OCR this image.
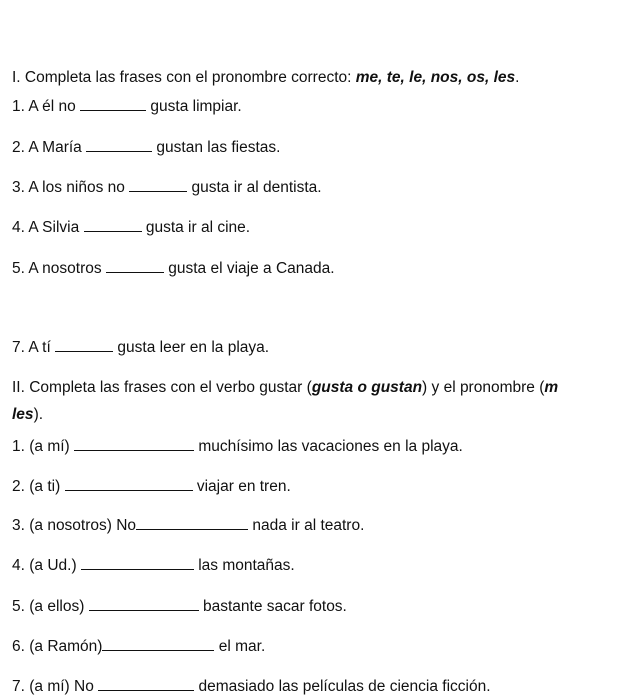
I. Completa las frases con el pronombre correcto: me, te, le, nos, os, les.
1. A él no	gusta limpiar.
2. A María	gustan las fiestas.
3. A los niños no	gusta ir al dentista.
4. A Silvia	gusta ir al cine.
5. A nosotros	gusta el viaje a Canada.
7. A tí	gusta leer en la playa.
II. Completa las frases con el verbo gustar (gusta o gustan) y el pronombre (m
les).
1. (a mí)	muchísimo las vacaciones en la playa.
2. (a ti)	viajar en tren.
3. (a nosotros) No	nada ir al teatro.
4. (a Ud.)	las montañas.
5. (a ellos)	bastante sacar fotos.
6. (a Ramón)	el mar.
7. (a mí) No	demasiado las películas de ciencia ficción.
